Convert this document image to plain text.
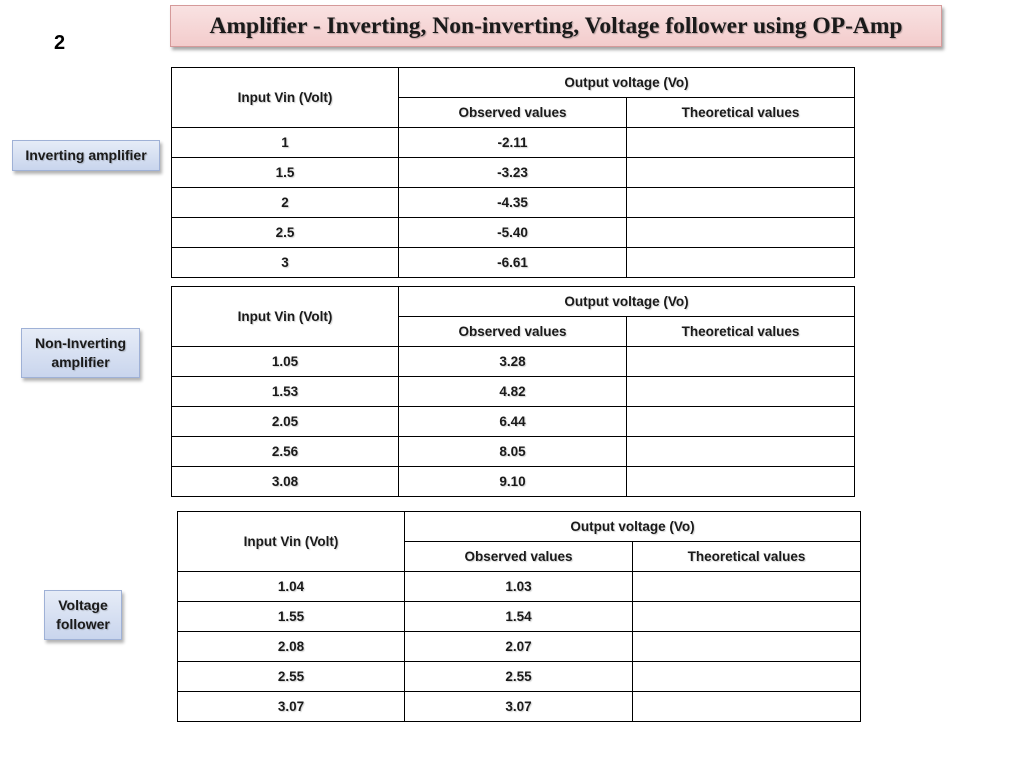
2
Amplifier - Inverting, Non-inverting, Voltage follower using OP-Amp
Inverting amplifier
Non-Inverting
amplifier
Voltage
follower
Input Vin (Volt)	Output voltage (Vo)	
	Observed values	Theoretical values
1	-2.11	
1.5	-3.23	
2	-4.35	
2.5	-5.40	
3	-6.61	
Input Vin (Volt)	Output voltage (Vo)	
	Observed values	Theoretical values
1.05	3.28	
1.53	4.82	
2.05	6.44	
2.56	8.05	
3.08	9.10	
Input Vin (Volt)	Output voltage (Vo)	
	Observed values	Theoretical values
1.04	1.03	
1.55	1.54	
2.08	2.07	
2.55	2.55	
3.07	3.07	
